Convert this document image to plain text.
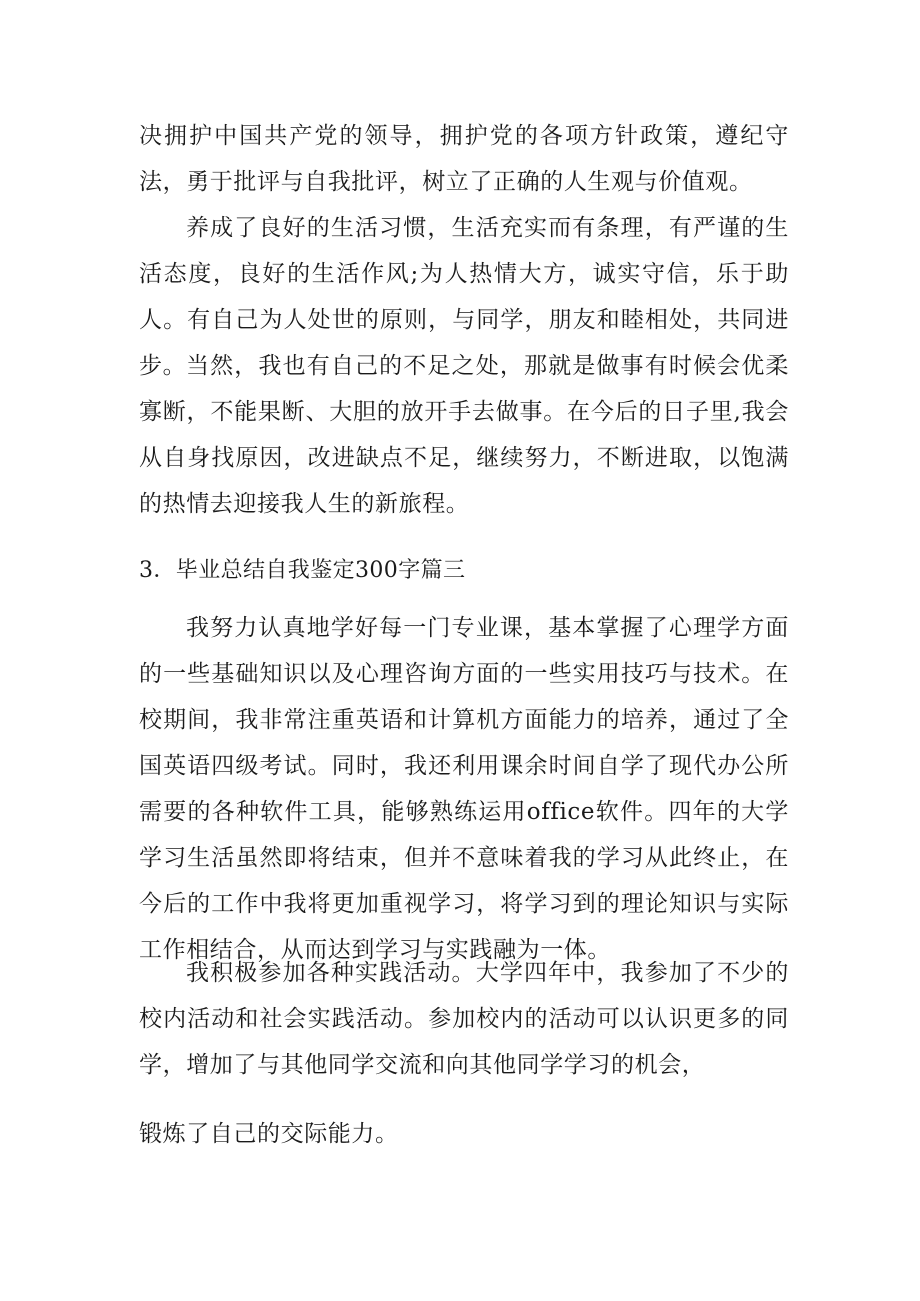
决拥护中国共产党的领导，拥护党的各项方针政策，遵纪守法，勇于批评与自我批评，树立了正确的人生观与价值观。

养成了良好的生活习惯，生活充实而有条理，有严谨的生活态度，良好的生活作风;为人热情大方，诚实守信，乐于助人。有自己为人处世的原则，与同学，朋友和睦相处，共同进步。 当然，我也有自己的不足之处，那就是做事有时候会优柔寡断，不能果断、大胆的放开手去做事。在今后的日子里,我会从自身找原因，改进缺点不足，继续努力，不断进取，以饱满的热情去迎接我人生的新旅程。

3．毕业总结自我鉴定300字篇三

我努力认真地学好每一门专业课，基本掌握了心理学方面的一些基础知识以及心理咨询方面的一些实用技巧与技术。在校期间，我非常注重英语和计算机方面能力的培养，通过了全国英语四级考试。同时，我还利用课余时间自学了现代办公所需要的各种软件工具，能够熟练运用office软件。四年的大学学习生活虽然即将结束，但并不意味着我的学习从此终止，在今后的工作中我将更加重视学习，将学习到的理论知识与实际工作相结合，从而达到学习与实践融为一体。

我积极参加各种实践活动。大学四年中，我参加了不少的校内活动和社会实践活动。参加校内的活动可以认识更多的同学，增加了与其他同学交流和向其他同学学习的机会，

锻炼了自己的交际能力。
